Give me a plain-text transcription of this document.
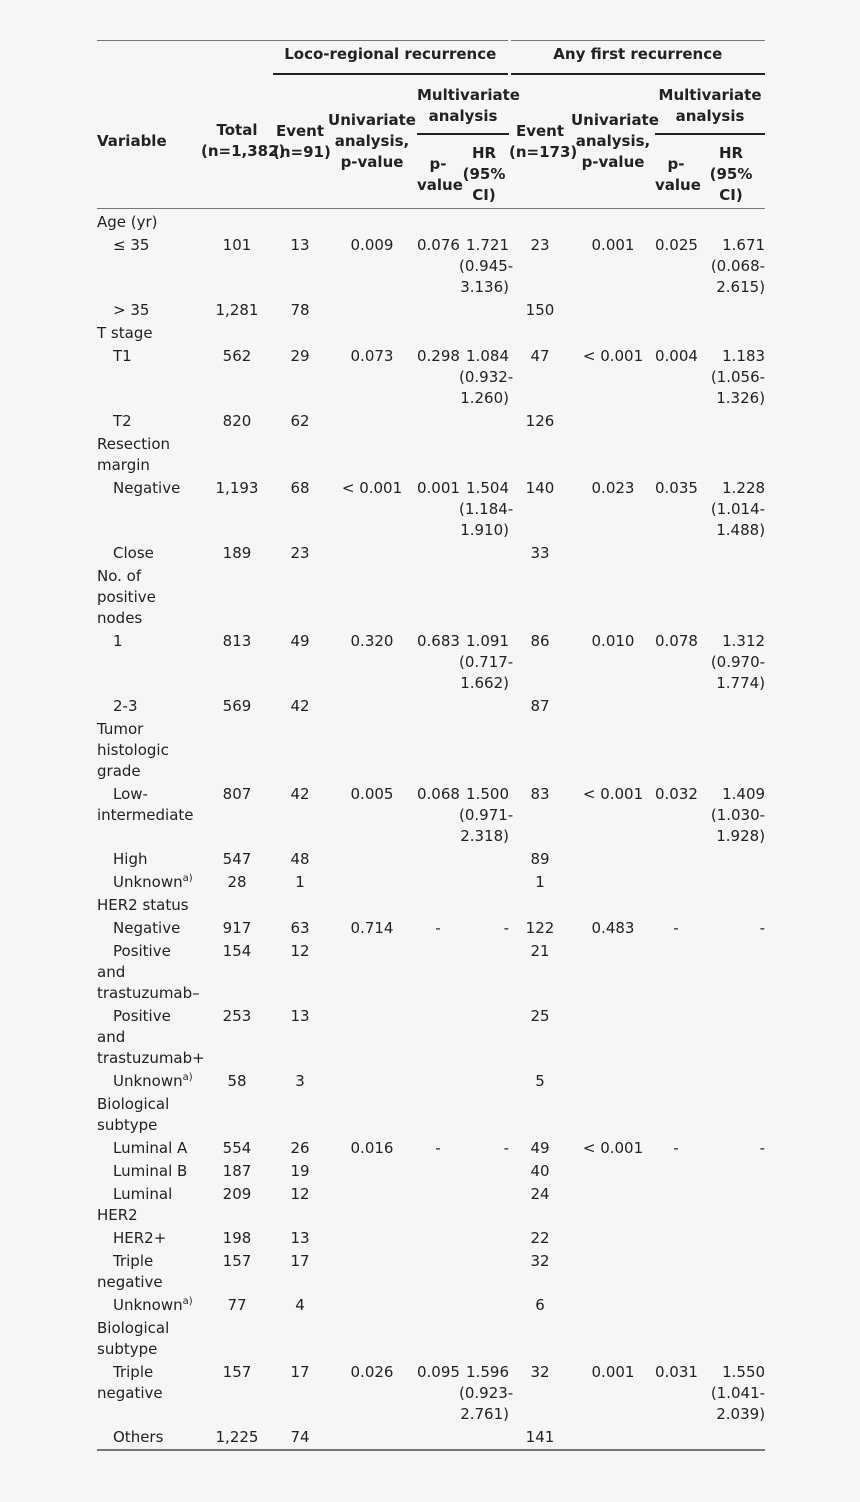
		Loco-regional recurrence				Any first recurrence			
Variable	Total (n=1,382)	Event (n=91)	Univariate analysis, p-value	Multivariate analysis		Event (n=173)	Univariate analysis, p-value	Multivariate analysis	
				p-value	HR (95% CI)			p-value	HR (95% CI)
Age (yr)									
≤ 35	101	13	0.009	0.076	1.721 (0.945-3.136)	23	0.001	0.025	1.671 (0.068-2.615)
> 35	1,281	78				150			
T stage									
T1	562	29	0.073	0.298	1.084 (0.932-1.260)	47	< 0.001	0.004	1.183 (1.056-1.326)
T2	820	62				126			
Resection margin									
Negative	1,193	68	< 0.001	0.001	1.504 (1.184-1.910)	140	0.023	0.035	1.228 (1.014-1.488)
Close	189	23				33			
No. of positive nodes									
1	813	49	0.320	0.683	1.091 (0.717-1.662)	86	0.010	0.078	1.312 (0.970-1.774)
2-3	569	42				87			
Tumor histologic grade									
Low-intermediate	807	42	0.005	0.068	1.500 (0.971-2.318)	83	< 0.001	0.032	1.409 (1.030-1.928)
High	547	48				89			
Unknown$^{a)}$	28	1				1			
HER2 status									
Negative	917	63	0.714	-	-	122	0.483	-	-
Positive and trastuzumab–	154	12				21			
Positive and trastuzumab+	253	13				25			
Unknown$^{a)}$	58	3				5			
Biological subtype									
Luminal A	554	26	0.016	-	-	49	< 0.001	-	-
Luminal B	187	19				40			
Luminal HER2	209	12				24			
HER2+	198	13				22			
Triple negative	157	17				32			
Unknown$^{a)}$	77	4				6			
Biological subtype									
Triple negative	157	17	0.026	0.095	1.596 (0.923-2.761)	32	0.001	0.031	1.550 (1.041-2.039)
Others	1,225	74				141			
